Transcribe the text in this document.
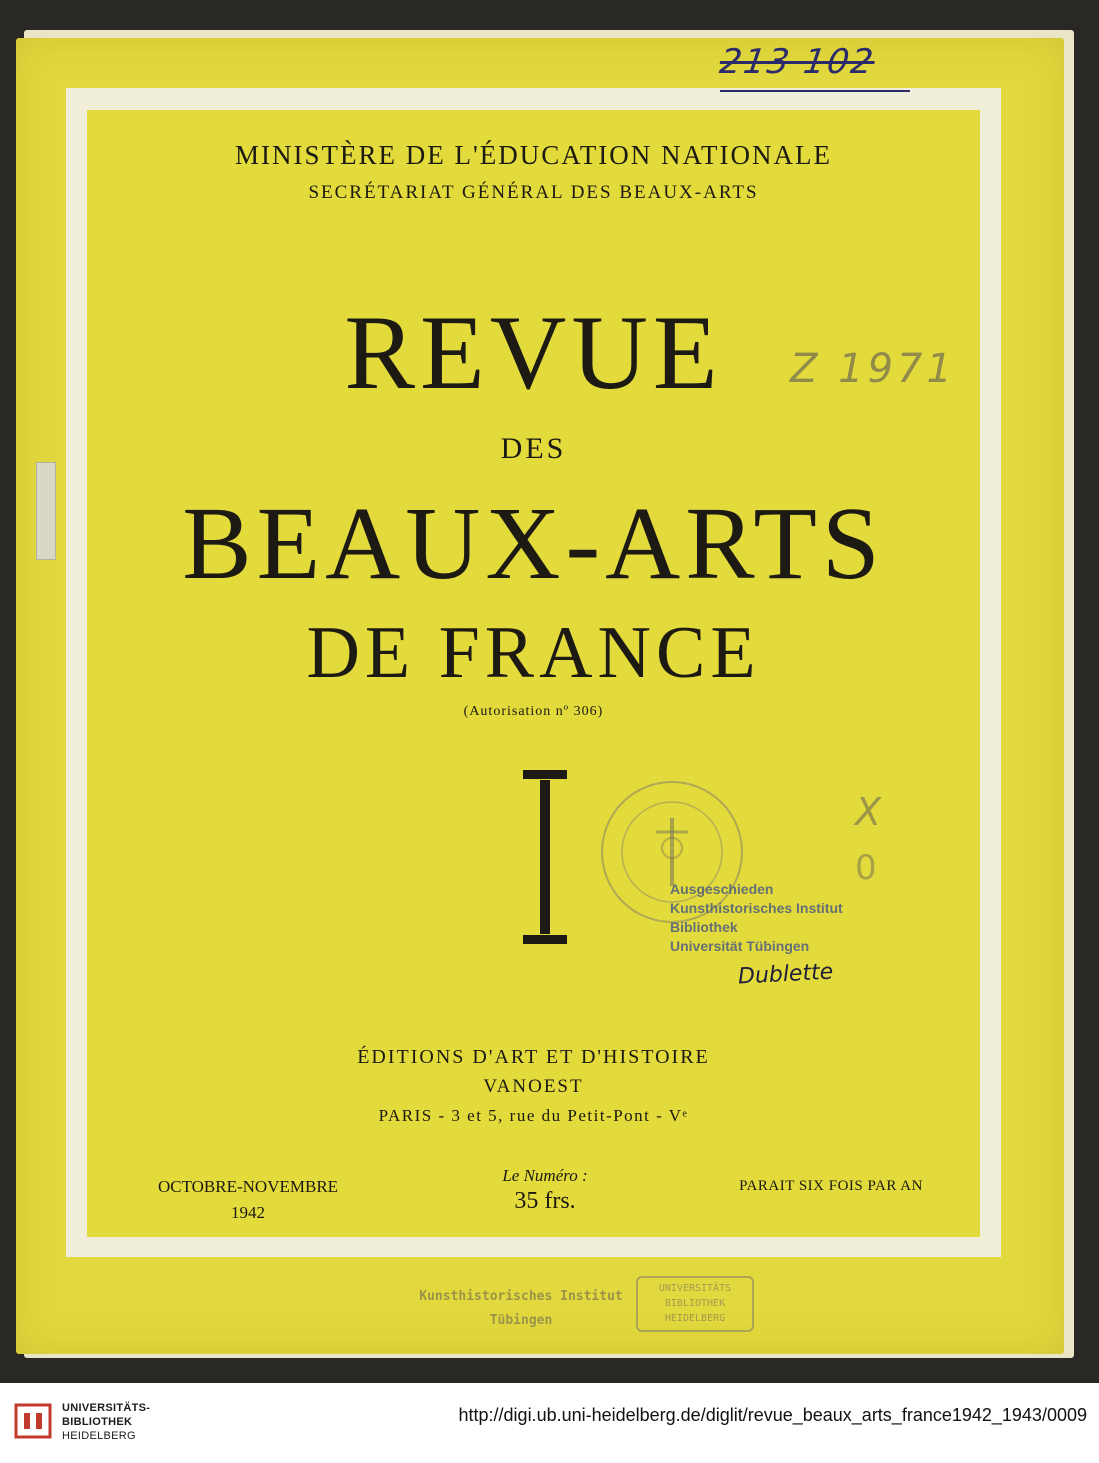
213 102
MINISTÈRE DE L'ÉDUCATION NATIONALE
SECRÉTARIAT GÉNÉRAL DES BEAUX-ARTS
REVUE	Z 1971
DES
BEAUX-ARTS
DE FRANCE
(Autorisation nº 306)
Ausgeschieden
Kunsthistorisches Institut
Bibliothek
Universität Tübingen
Dublette
X
0
ÉDITIONS D'ART ET D'HISTOIRE
VANOEST
PARIS - 3 et 5, rue du Petit-Pont - Vᵉ
OCTOBRE-NOVEMBRE
1942
Le Numéro :
35 frs.
PARAIT SIX FOIS PAR AN
Kunsthistorisches Institut
Tübingen
UNIVERSITÄTS
BIBLIOTHEK
HEIDELBERG
UNIVERSITÄTS-
BIBLIOTHEK
HEIDELBERG
http://digi.ub.uni-heidelberg.de/diglit/revue_beaux_arts_france1942_1943/0009
